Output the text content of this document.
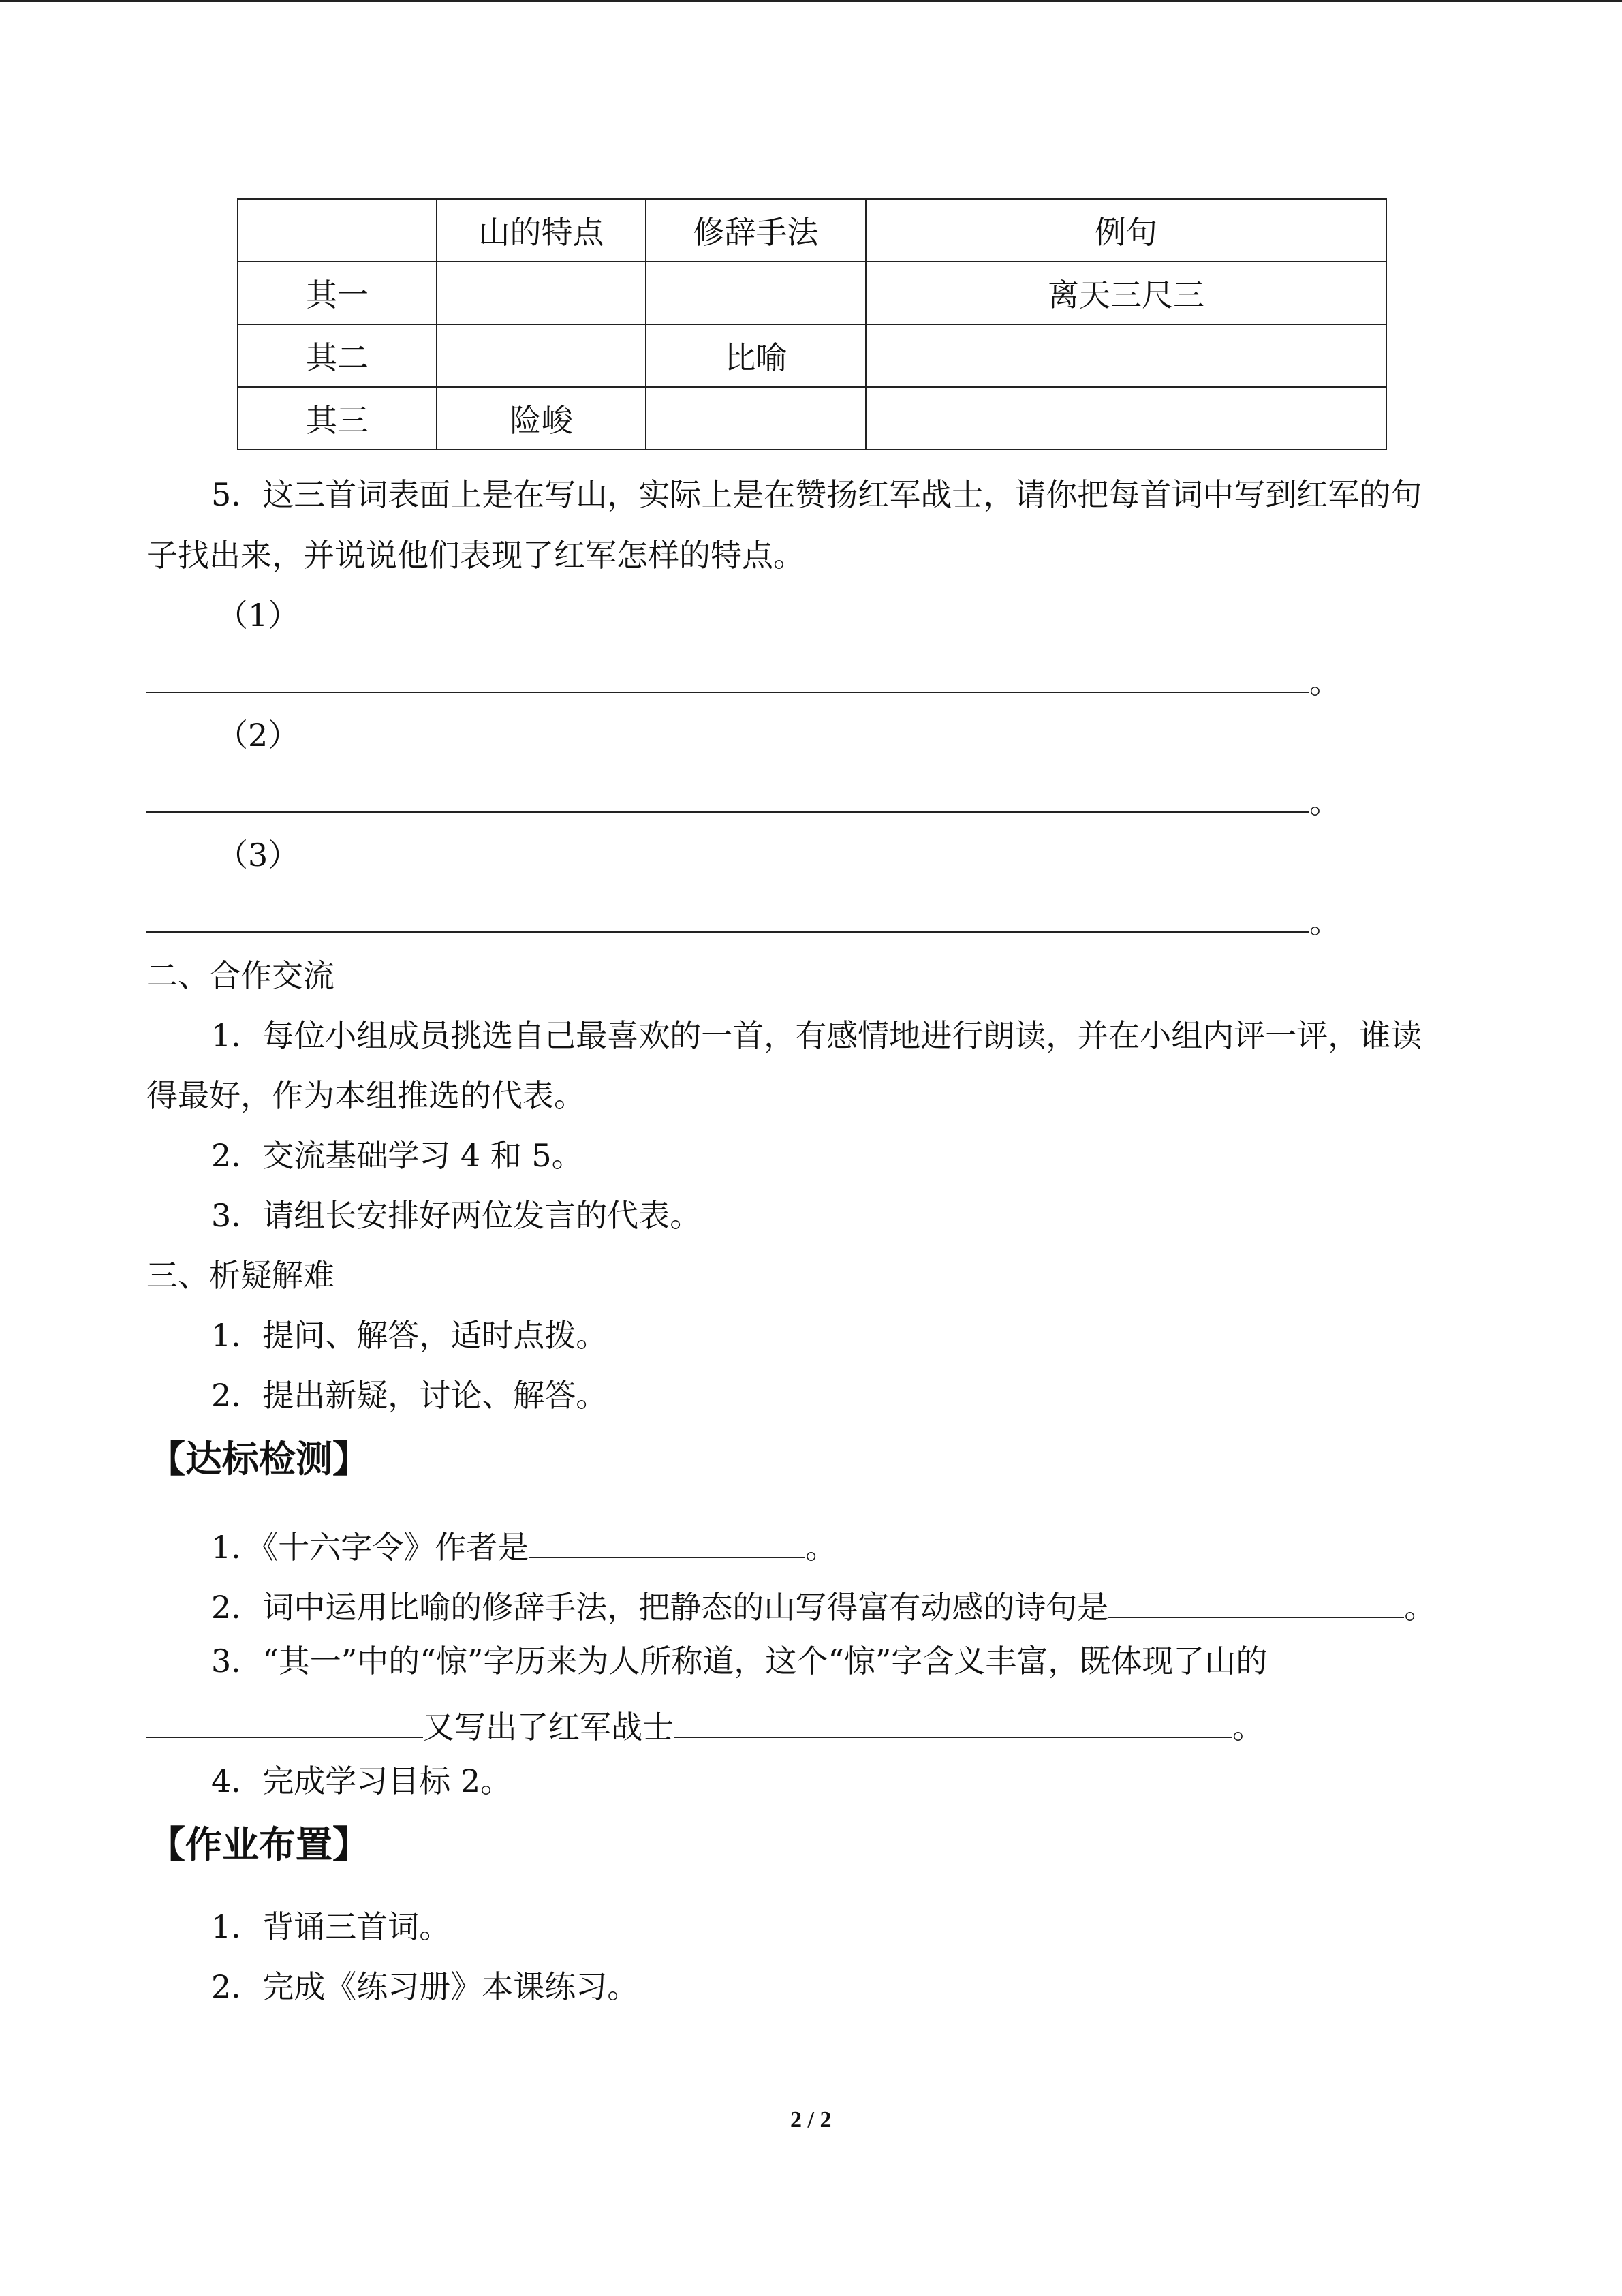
	山的特点	修辞手法	例句
其一			离天三尺三
其二		比喻	
其三	险峻		
5．这三首词表面上是在写山，实际上是在赞扬红军战士，请你把每首词中写到红军的句
子找出来，并说说他们表现了红军怎样的特点。
（1）
。
（2）
。
（3）
。
二、合作交流
1．每位小组成员挑选自己最喜欢的一首，有感情地进行朗读，并在小组内评一评，谁读
得最好，作为本组推选的代表。
2．交流基础学习 4 和 5。
3．请组长安排好两位发言的代表。
三、析疑解难
1．提问、解答，适时点拨。
2．提出新疑，讨论、解答。
【达标检测】
1．《十六字令》作者是	。
2．词中运用比喻的修辞手法，把静态的山写得富有动感的诗句是	。
3．“其一”中的“惊”字历来为人所称道，这个“惊”字含义丰富，既体现了山的
又写出了红军战士	。
4．完成学习目标 2。
【作业布置】
1．背诵三首词。
2．完成《练习册》本课练习。
2 / 2
